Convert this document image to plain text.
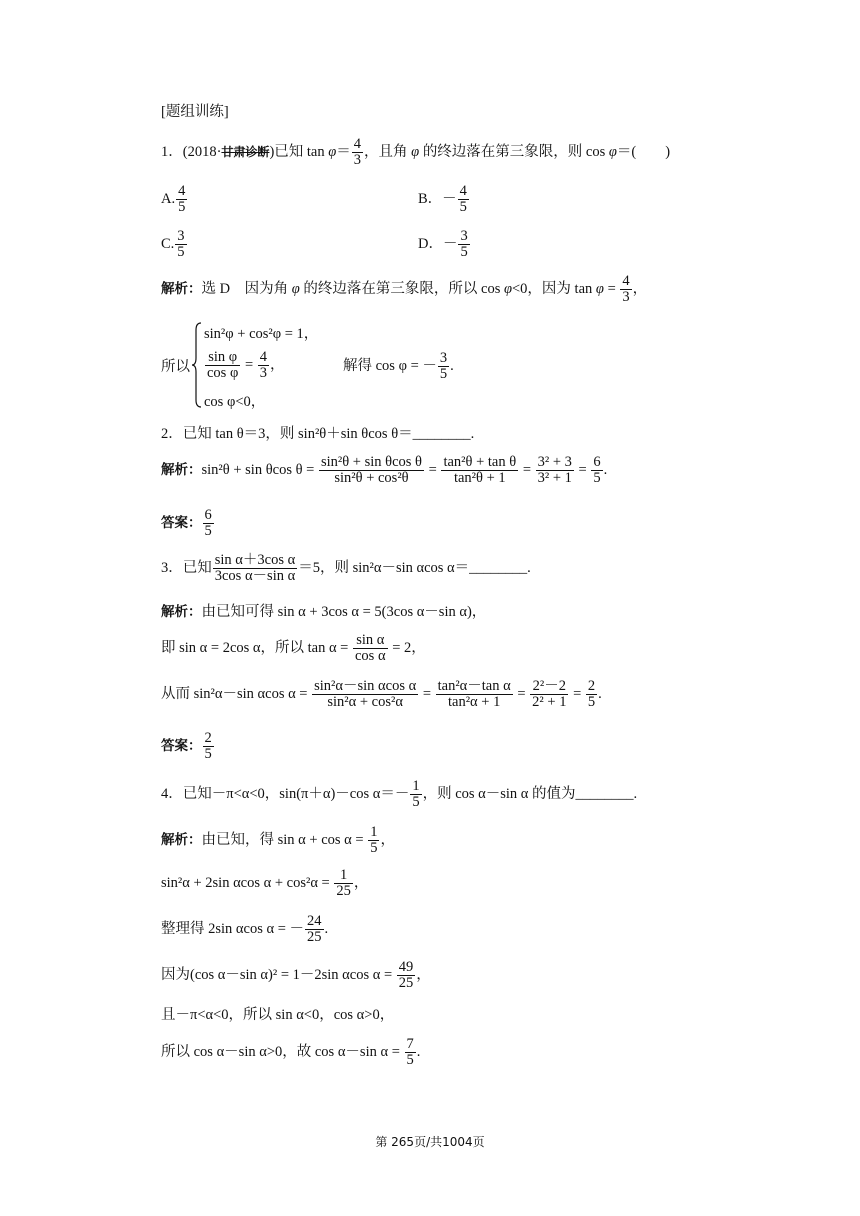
[题组训练]
1．(2018·甘肃诊断)已知 $\tan \varphi= \frac{4}{3}$ ，且角 φ 的终边落在第三象限，则 cos φ＝(　　)
A. $\frac{4}{5}$	B．－ $\frac{4}{5}$
C. $\frac{3}{5}$	D．－ $\frac{3}{5}$
解析：选 D　因为角 φ 的终边落在第三象限，所以 cos φ<0，因为 $\tan \varphi = \frac{4}{3}$ ，
所以
sin²φ + cos²φ = 1，
$\frac{\text{sin φ}}{\text{cos φ}} = \frac{4}{3}$ ，
cos φ<0，
解得 cos φ = － $\frac{3}{5}$ .
2．已知 tan θ＝3，则 sin²θ＋sin θcos θ＝________.
解析：sin²θ + sin θcos $\theta = \frac{\text{sin²θ + sin θcos θ}}{\text{sin²θ + cos²θ}} = \frac{\text{tan²θ + tan θ}}{\text{tan²θ + 1}} = \frac{\text{3² + 3}}{\text{3² + 1}} = \frac{6}{5}$ .
答案： $\frac{6}{5}$
3．已知 $\frac{\text{sin α＋3cos α}}{\text{3cos α－sin α}} =5$，则 sin²α－sin αcos α＝________.
解析：由已知可得 sin α + 3cos α = 5(3cos α－sin α)，
即 sin α = 2cos α，所以 $\tan \alpha = \frac{\text{sin α}}{\text{cos α}} = 2$，
从而 sin²α－sin αcos $\alpha = \frac{\text{sin²α－sin αcos α}}{\text{sin²α + cos²α}} = \frac{\text{tan²α－tan α}}{\text{tan²α + 1}} = \frac{\text{2²－2}}{\text{2² + 1}} = \frac{2}{5}$ .
答案： $\frac{2}{5}$
4．已知－π<α<0，sin(π＋α)－cos $\alpha=- \frac{1}{5}$ ，则 cos α－sin α 的值为________.
解析：由已知，得 $\sin \alpha + \cos \alpha = \frac{1}{5}$ ，
sin²α + 2sin αcos $\alpha + \cos^2\alpha = \frac{1}{25}$ ，
整理得 2sin αcos α = － $\frac{24}{25}$ .
因为(cos α－sin α)² = 1－2sin αcos $\alpha = \frac{49}{25}$ ，
且－π<α<0，所以 sin α<0，cos α>0，
所以 cos α－sin α>0，故 cos α－sin $\alpha = \frac{7}{5}$ .
第 265页/共1004页
